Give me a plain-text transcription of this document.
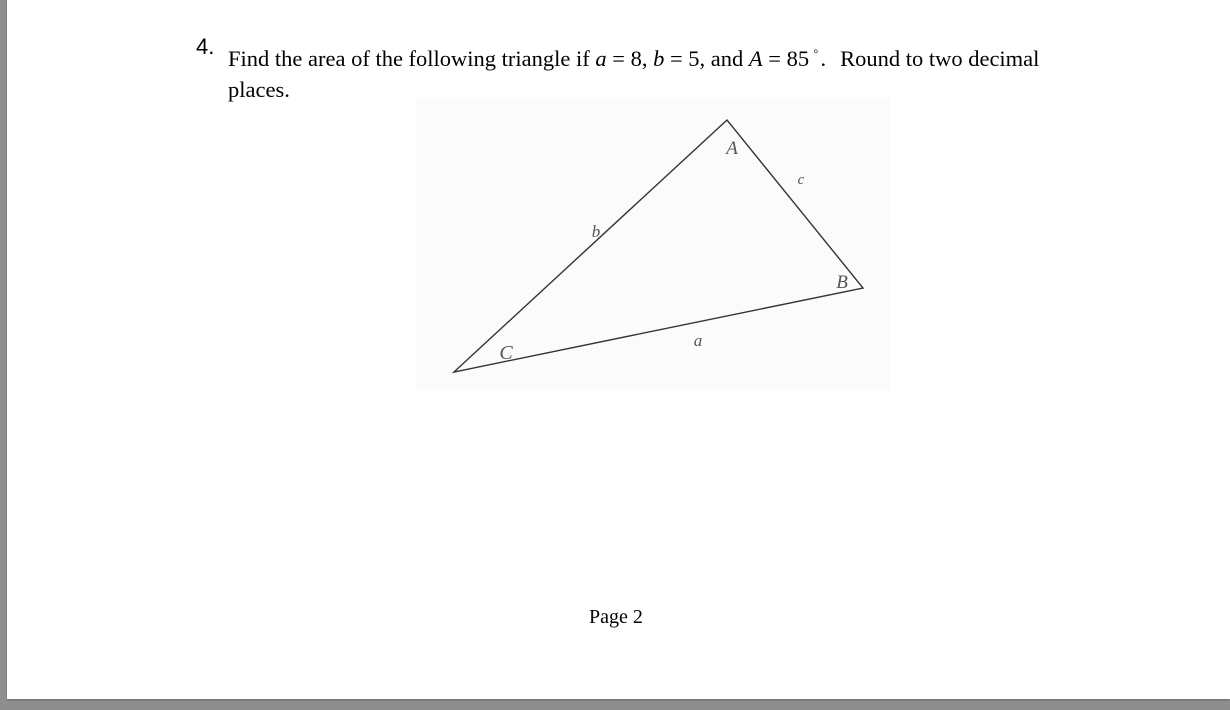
4. Find the area of the following triangle if a = 8, b = 5, and A = 85 ◦. Round to two decimal places.
A
B
C
a
b
c
Page 2
